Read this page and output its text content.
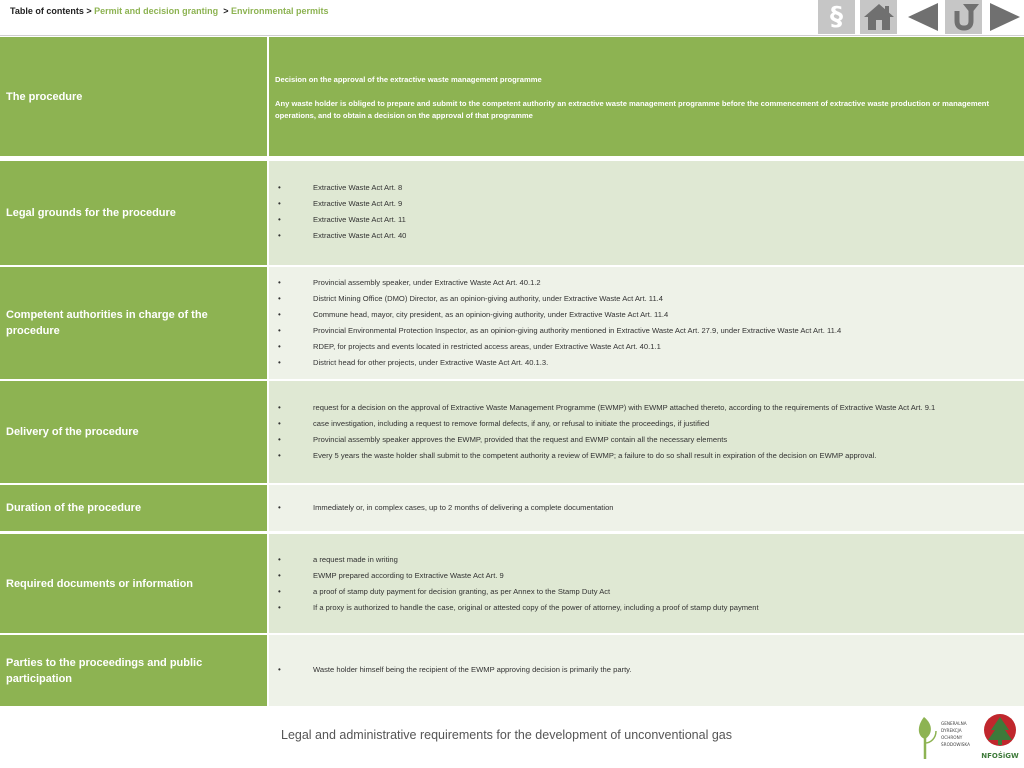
Table of contents > Permit and decision granting > Environmental permits	§
The procedure
Decision on the approval of the extractive waste management programme
Any waste holder is obliged to prepare and submit to the competent authority an extractive waste management programme before the commencement of extractive waste production or management operations, and to obtain a decision on the approval of that programme
Legal grounds for the procedure
• Extractive Waste Act Art. 8
• Extractive Waste Act Art. 9
• Extractive Waste Act Art. 11
• Extractive Waste Act Art. 40
Competent authorities in charge of the procedure
• Provincial assembly speaker, under Extractive Waste Act Art. 40.1.2
• District Mining Office (DMO) Director, as an opinion-giving authority, under Extractive Waste Act Art. 11.4
• Commune head, mayor, city president, as an opinion-giving authority, under Extractive Waste Act Art. 11.4
• Provincial Environmental Protection Inspector, as an opinion-giving authority mentioned in Extractive Waste Act Art. 27.9, under Extractive Waste Act Art. 11.4
• RDEP, for projects and events located in restricted access areas, under Extractive Waste Act Art. 40.1.1
• District head for other projects, under Extractive Waste Act Art. 40.1.3.
Delivery of the procedure
• request for a decision on the approval of Extractive Waste Management Programme (EWMP) with EWMP attached thereto, according to the requirements of Extractive Waste Act Art. 9.1
• case investigation, including a request to remove formal defects, if any, or refusal to initiate the proceedings, if justified
• Provincial assembly speaker approves the EWMP, provided that the request and EWMP contain all the necessary elements
• Every 5 years the waste holder shall submit to the competent authority a review of EWMP; a failure to do so shall result in expiration of the decision on EWMP approval.
Duration of the procedure
•	Immediately or, in complex cases, up to 2 months of delivering a complete documentation
Required documents or information
• a request made in writing
• EWMP prepared according to Extractive Waste Act Art. 9
• a proof of stamp duty payment for decision granting, as per Annex to the Stamp Duty Act
• If a proxy is authorized to handle the case, original or attested copy of the power of attorney, including a proof of stamp duty payment
Parties to the proceedings and public participation
• Waste holder himself being the recipient of the EWMP approving decision is primarily the party.
Legal and administrative requirements for the development of unconventional gas
GENERALNA
DYREKCJA
OCHRONY
ŚRODOWISKA
NFOŚiGW
